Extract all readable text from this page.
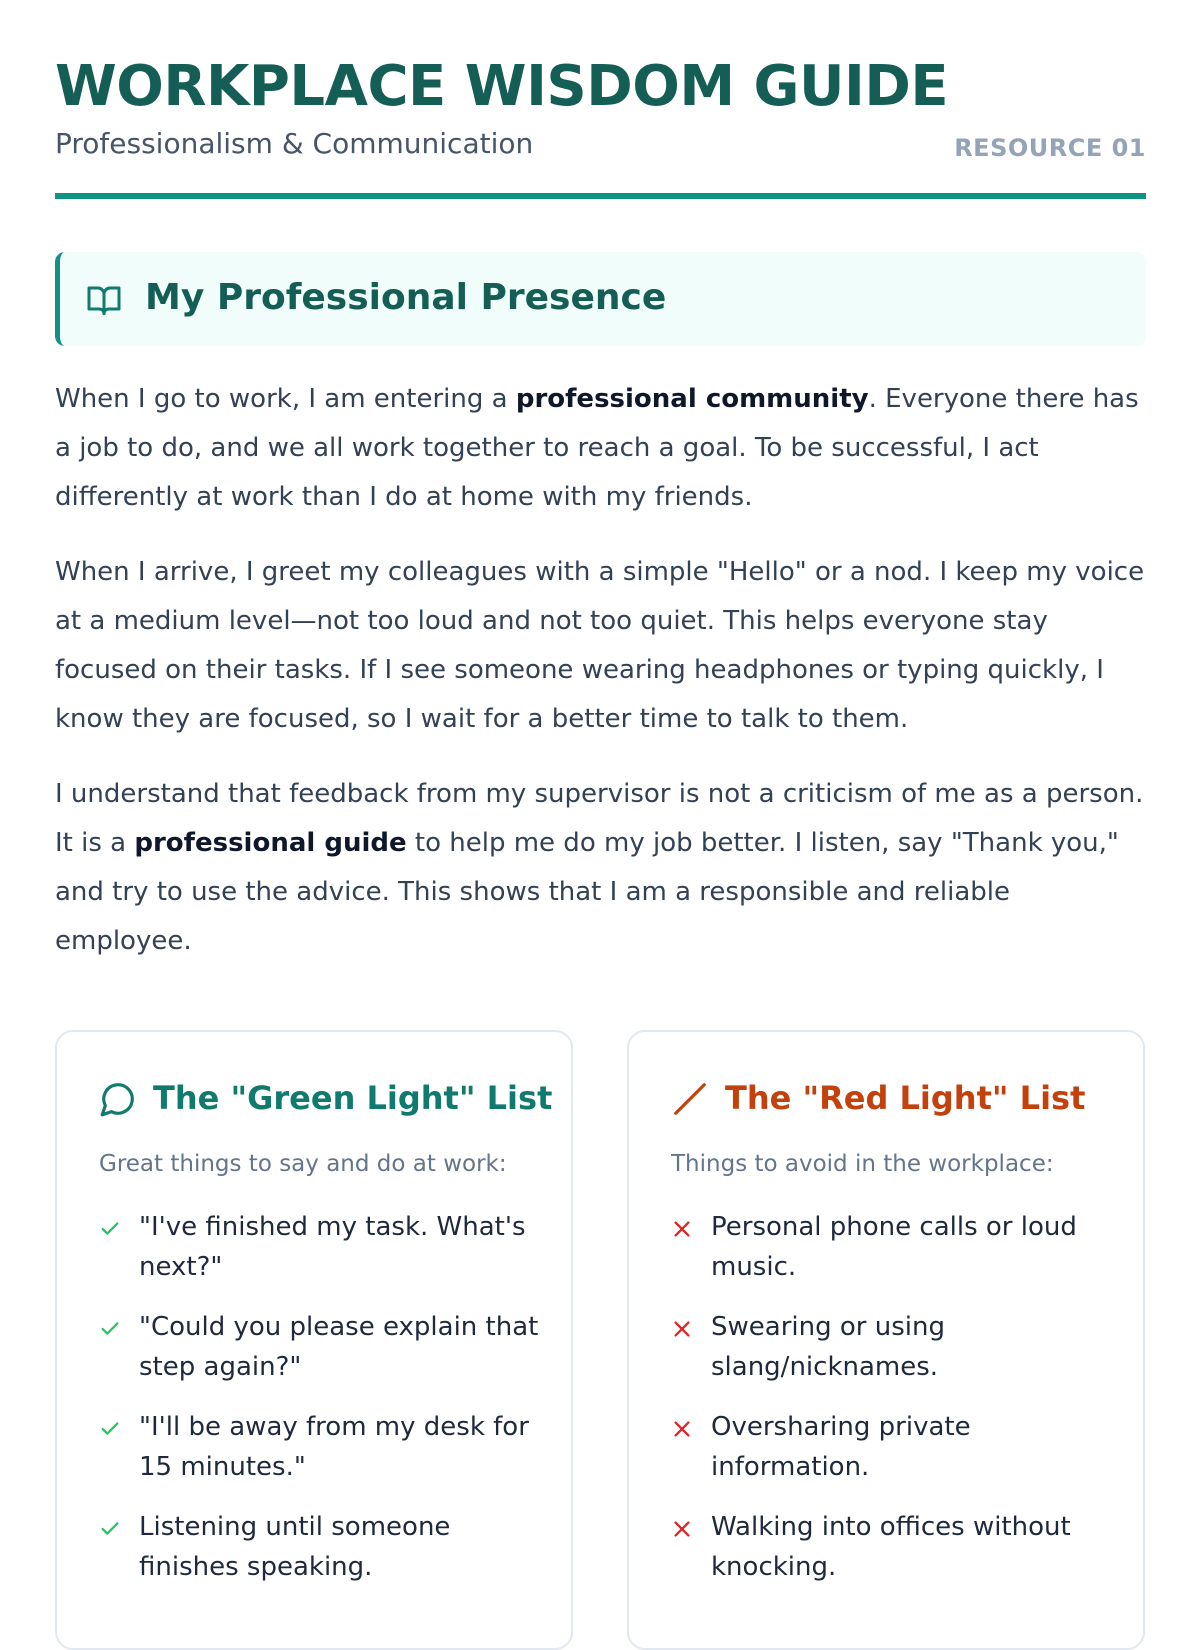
WORKPLACE WISDOM GUIDE
Professionalism & Communication	RESOURCE 01
My Professional Presence

When I go to work, I am entering a professional community. Everyone there has a job to do, and we all work together to reach a goal. To be successful, I act differently at work than I do at home with my friends.

When I arrive, I greet my colleagues with a simple "Hello" or a nod. I keep my voice at a medium level—not too loud and not too quiet. This helps everyone stay focused on their tasks. If I see someone wearing headphones or typing quickly, I know they are focused, so I wait for a better time to talk to them.

I understand that feedback from my supervisor is not a criticism of me as a person. It is a professional guide to help me do my job better. I listen, say "Thank you," and try to use the advice. This shows that I am a responsible and reliable employee.

The "Green Light" List
Great things to say and do at work:
"I've finished my task. What's next?"
"Could you please explain that step again?"
"I'll be away from my desk for 15 minutes."
Listening until someone finishes speaking.
The "Red Light" List
Things to avoid in the workplace:
Personal phone calls or loud music.
Swearing or using slang/nicknames.
Oversharing private information.
Walking into offices without knocking.
